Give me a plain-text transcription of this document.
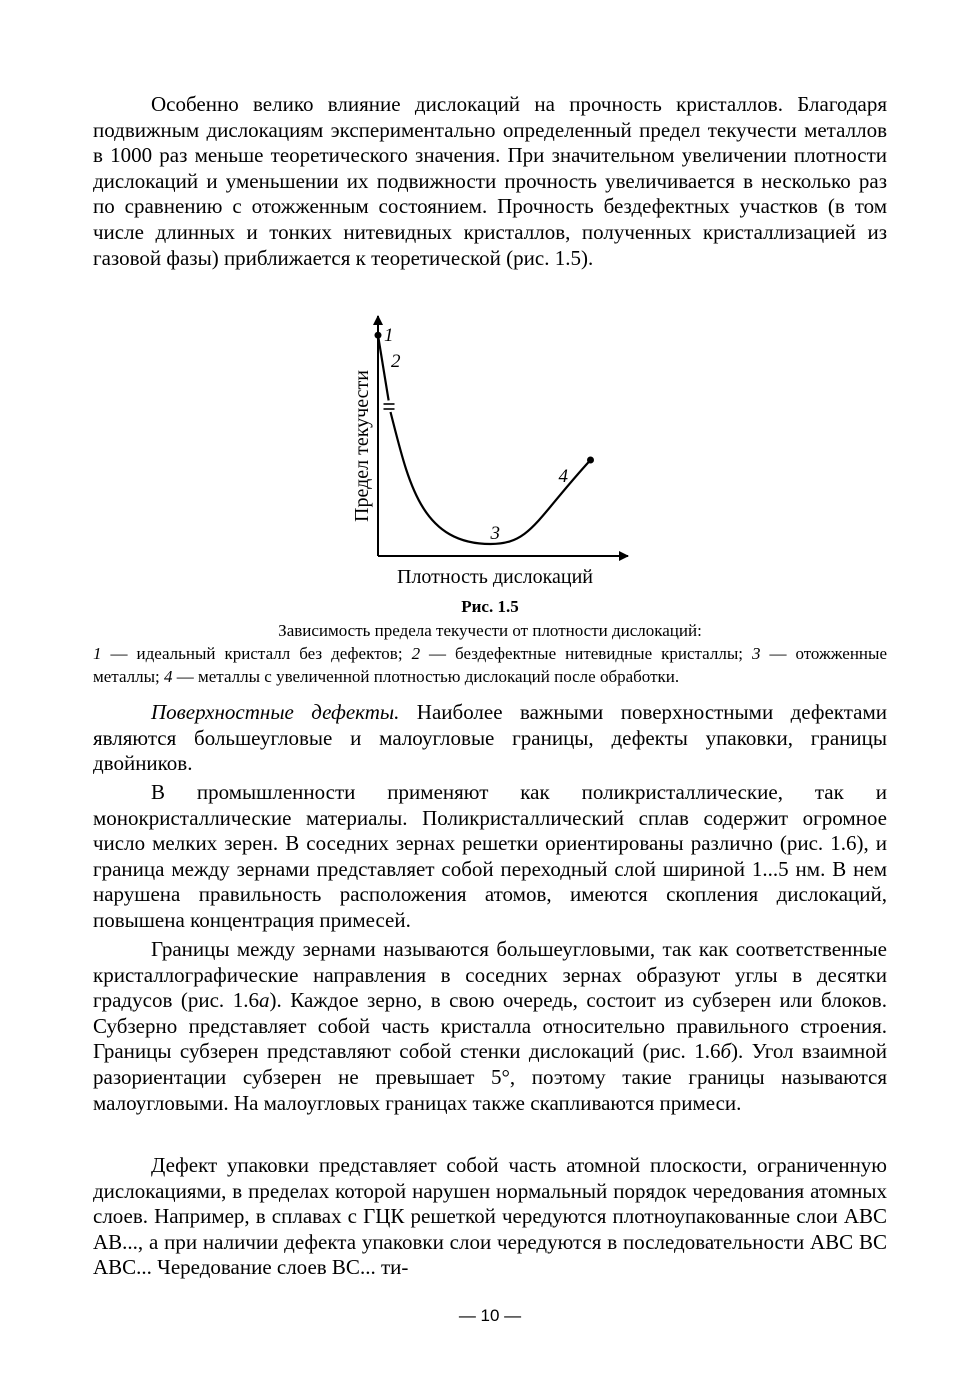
Особенно велико влияние дислокаций на прочность кристаллов. Благодаря подвижным дислокациям экспериментально определенный предел текучести металлов в 1000 раз меньше теоретического значения. При значительном увеличении плотности дислокаций и уменьшении их подвижности прочность увеличивается в несколько раз по сравнению с отожженным состоянием. Прочность бездефектных участков (в том числе длинных и тонких нитевидных кристаллов, полученных кристаллизацией из газовой фазы) приближается к теоретической (рис. 1.5).

1
2
3
4
Предел текучести
Плотность дислокаций

Рис. 1.5

Зависимость предела текучести от плотности дислокаций:

1 — идеальный кристалл без дефектов; 2 — бездефектные нитевидные кристаллы; 3 — отожженные металлы; 4 — металлы с увеличенной плотностью дислокаций после обработки.

Поверхностные дефекты. Наиболее важными поверхностными дефектами являются большеугловые и малоугловые границы, дефекты упаковки, границы двойников.

В промышленности применяют как поликристаллические, так и монокристаллические материалы. Поликристаллический сплав содержит огромное число мелких зерен. В соседних зернах решетки ориентированы различно (рис. 1.6), и граница между зернами представляет собой переходный слой шириной 1...5 нм. В нем нарушена правильность расположения атомов, имеются скопления дислокаций, повышена концентрация примесей.

Границы между зернами называются большеугловыми, так как соответственные кристаллографические направления в соседних зернах образуют углы в десятки градусов (рис. 1.6а). Каждое зерно, в свою очередь, состоит из субзерен или блоков. Субзерно представляет собой часть кристалла относительно правильного строения. Границы субзерен представляют собой стенки дислокаций (рис. 1.6б). Угол взаимной разориентации субзерен не превышает 5°, поэтому такие границы называются малоугловыми. На малоугловых границах также скапливаются примеси.

Дефект упаковки представляет собой часть атомной плоскости, ограниченную дислокациями, в пределах которой нарушен нормальный порядок чередования атомных слоев. Например, в сплавах с ГЦК решеткой чередуются плотноупакованные слои АВС АВ..., а при наличии дефекта упаковки слои чередуются в последовательности АВС ВС АВС... Чередование слоев ВС... ти-

— 10 —
